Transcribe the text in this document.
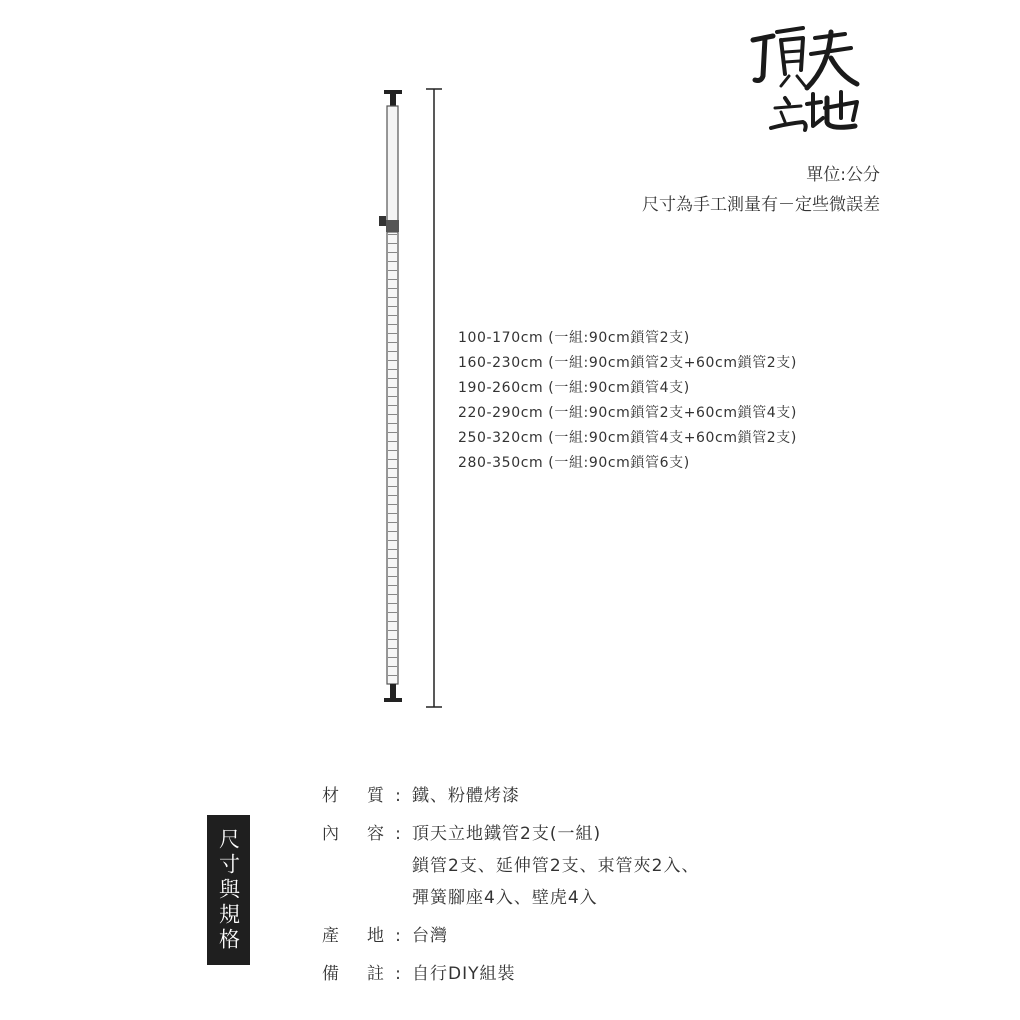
單位:公分
尺寸為手工測量有－定些微誤差
100-170cm (一組:90cm鎖管2支)
160-230cm (一組:90cm鎖管2支+60cm鎖管2支)
190-260cm (一組:90cm鎖管4支)
220-290cm (一組:90cm鎖管2支+60cm鎖管4支)
250-320cm (一組:90cm鎖管4支+60cm鎖管2支)
280-350cm (一組:90cm鎖管6支)
尺寸與規格
材 質 : 鐵、粉體烤漆
內 容 : 頂天立地鐵管2支(一組)
鎖管2支、延伸管2支、束管夾2入、
彈簧腳座4入、壁虎4入
產 地 : 台灣
備 註 : 自行DIY組裝
